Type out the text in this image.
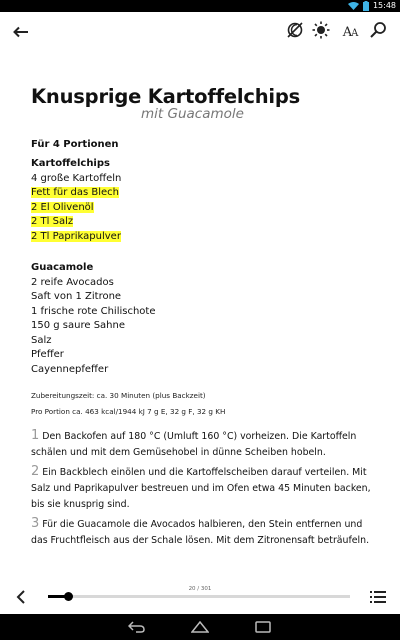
15:48
AA
Knusprige Kartoffelchips
mit Guacamole
Für 4 Portionen
Kartoffelchips
4 große Kartoffeln
Fett für das Blech
2 El Olivenöl
2 Tl Salz
2 Tl Paprikapulver
Guacamole
2 reife Avocados
Saft von 1 Zitrone
1 frische rote Chilischote
150 g saure Sahne
Salz
Pfeffer
Cayennepfeffer
Zubereitungszeit: ca. 30 Minuten (plus Backzeit)
Pro Portion ca. 463 kcal/1944 kJ 7 g E, 32 g F, 32 g KH
1 Den Backofen auf 180 °C (Umluft 160 °C) vorheizen. Die Kartoffeln schälen und mit dem Gemüsehobel in dünne Scheiben hobeln.
2 Ein Backblech einölen und die Kartoffelscheiben darauf verteilen. Mit Salz und Paprikapulver bestreuen und im Ofen etwa 45 Minuten backen, bis sie knusprig sind.
3 Für die Guacamole die Avocados halbieren, den Stein entfernen und das Fruchtfleisch aus der Schale lösen. Mit dem Zitronensaft beträufeln.
20 / 301
